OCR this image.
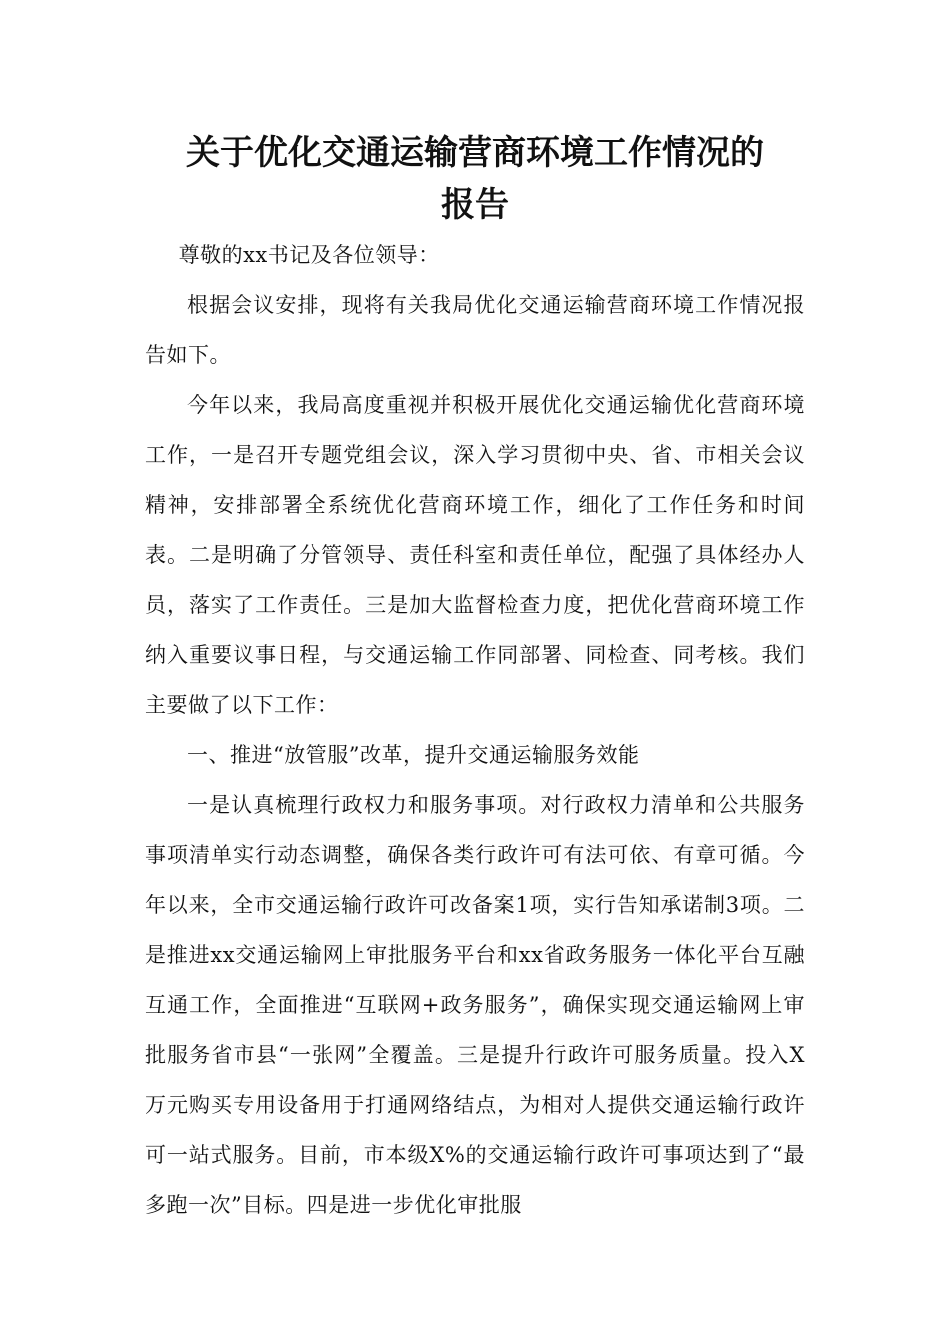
关于优化交通运输营商环境工作情况的
报告

尊敬的xx书记及各位领导：

根据会议安排，现将有关我局优化交通运输营商环境工作情况报告如下。

今年以来，我局高度重视并积极开展优化交通运输优化营商环境工作，一是召开专题党组会议，深入学习贯彻中央、省、市相关会议精神，安排部署全系统优化营商环境工作，细化了工作任务和时间表。二是明确了分管领导、责任科室和责任单位，配强了具体经办人员，落实了工作责任。三是加大监督检查力度，把优化营商环境工作纳入重要议事日程，与交通运输工作同部署、同检查、同考核。我们主要做了以下工作：

一、推进“放管服”改革，提升交通运输服务效能

一是认真梳理行政权力和服务事项。对行政权力清单和公共服务事项清单实行动态调整，确保各类行政许可有法可依、有章可循。今年以来，全市交通运输行政许可改备案1项，实行告知承诺制3项。二是推进xx交通运输网上审批服务平台和xx省政务服务一体化平台互融互通工作，全面推进“互联网+政务服务”，确保实现交通运输网上审批服务省市县“一张网”全覆盖。三是提升行政许可服务质量。投入X万元购买专用设备用于打通网络结点，为相对人提供交通运输行政许可一站式服务。目前，市本级X%的交通运输行政许可事项达到了“最多跑一次”目标。四是进一步优化审批服
